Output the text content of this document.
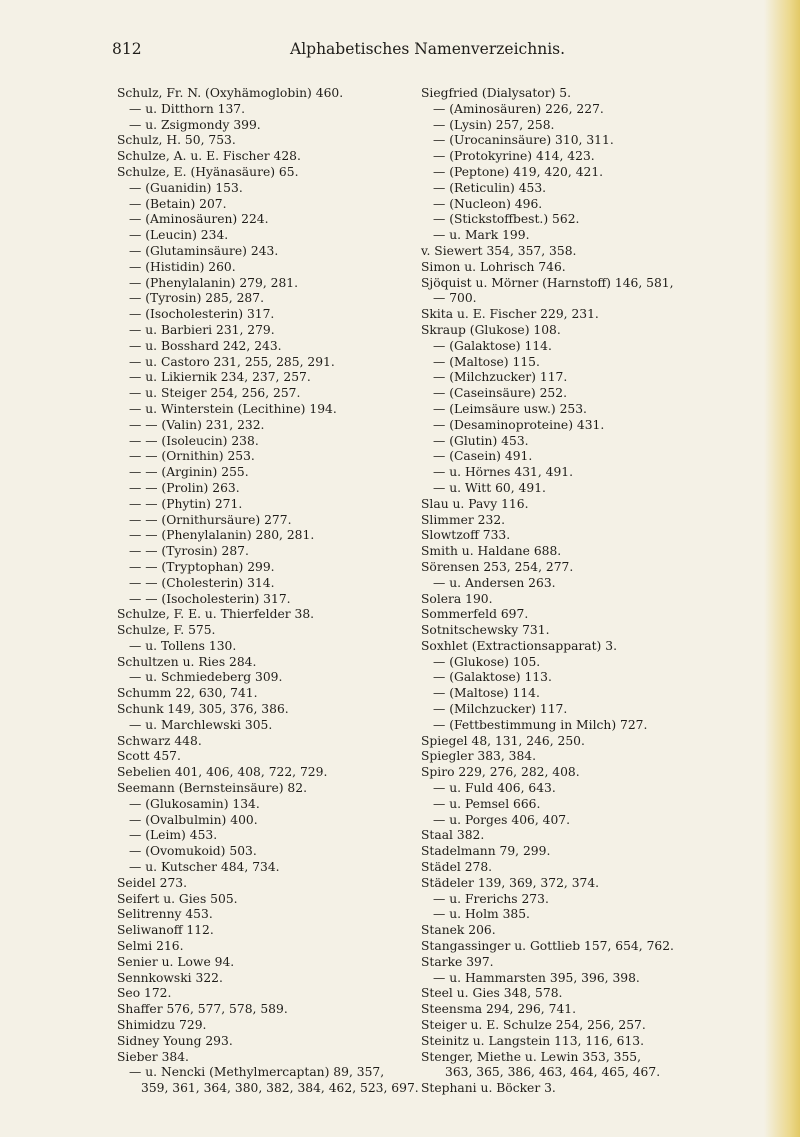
812	Alphabetisches Namenverzeichnis.
Schulz, Fr. N. (Oxyhämoglobin) 460.
— u. Ditthorn 137.
— u. Zsigmondy 399.
Schulz, H. 50, 753.
Schulze, A. u. E. Fischer 428.
Schulze, E. (Hyänasäure) 65.
— (Guanidin) 153.
— (Betain) 207.
— (Aminosäuren) 224.
— (Leucin) 234.
— (Glutaminsäure) 243.
— (Histidin) 260.
— (Phenylalanin) 279, 281.
— (Tyrosin) 285, 287.
— (Isocholesterin) 317.
— u. Barbieri 231, 279.
— u. Bosshard 242, 243.
— u. Castoro 231, 255, 285, 291.
— u. Likiernik 234, 237, 257.
— u. Steiger 254, 256, 257.
— u. Winterstein (Lecithine) 194.
— — (Valin) 231, 232.
— — (Isoleucin) 238.
— — (Ornithin) 253.
— — (Arginin) 255.
— — (Prolin) 263.
— — (Phytin) 271.
— — (Ornithursäure) 277.
— — (Phenylalanin) 280, 281.
— — (Tyrosin) 287.
— — (Tryptophan) 299.
— — (Cholesterin) 314.
— — (Isocholesterin) 317.
Schulze, F. E. u. Thierfelder 38.
Schulze, F. 575.
— u. Tollens 130.
Schultzen u. Ries 284.
— u. Schmiedeberg 309.
Schumm 22, 630, 741.
Schunk 149, 305, 376, 386.
— u. Marchlewski 305.
Schwarz 448.
Scott 457.
Sebelien 401, 406, 408, 722, 729.
Seemann (Bernsteinsäure) 82.
— (Glukosamin) 134.
— (Ovalbulmin) 400.
— (Leim) 453.
— (Ovomukoid) 503.
— u. Kutscher 484, 734.
Seidel 273.
Seifert u. Gies 505.
Selitrenny 453.
Seliwanoff 112.
Selmi 216.
Senier u. Lowe 94.
Sennkowski 322.
Seo 172.
Shaffer 576, 577, 578, 589.
Shimidzu 729.
Sidney Young 293.
Sieber 384.
— u. Nencki (Methylmercaptan) 89, 357,
359, 361, 364, 380, 382, 384, 462, 523, 697.
Siegfried (Dialysator) 5.
— (Aminosäuren) 226, 227.
— (Lysin) 257, 258.
— (Urocaninsäure) 310, 311.
— (Protokyrine) 414, 423.
— (Peptone) 419, 420, 421.
— (Reticulin) 453.
— (Nucleon) 496.
— (Stickstoffbest.) 562.
— u. Mark 199.
v. Siewert 354, 357, 358.
Simon u. Lohrisch 746.
Sjöquist u. Mörner (Harnstoff) 146, 581,
— 700.
Skita u. E. Fischer 229, 231.
Skraup (Glukose) 108.
— (Galaktose) 114.
— (Maltose) 115.
— (Milchzucker) 117.
— (Caseinsäure) 252.
— (Leimsäure usw.) 253.
— (Desaminoproteine) 431.
— (Glutin) 453.
— (Casein) 491.
— u. Hörnes 431, 491.
— u. Witt 60, 491.
Slau u. Pavy 116.
Slimmer 232.
Slowtzoff 733.
Smith u. Haldane 688.
Sörensen 253, 254, 277.
— u. Andersen 263.
Solera 190.
Sommerfeld 697.
Sotnitschewsky 731.
Soxhlet (Extractionsapparat) 3.
— (Glukose) 105.
— (Galaktose) 113.
— (Maltose) 114.
— (Milchzucker) 117.
— (Fettbestimmung in Milch) 727.
Spiegel 48, 131, 246, 250.
Spiegler 383, 384.
Spiro 229, 276, 282, 408.
— u. Fuld 406, 643.
— u. Pemsel 666.
— u. Porges 406, 407.
Staal 382.
Stadelmann 79, 299.
Städel 278.
Städeler 139, 369, 372, 374.
— u. Frerichs 273.
— u. Holm 385.
Stanek 206.
Stangassinger u. Gottlieb 157, 654, 762.
Starke 397.
— u. Hammarsten 395, 396, 398.
Steel u. Gies 348, 578.
Steensma 294, 296, 741.
Steiger u. E. Schulze 254, 256, 257.
Steinitz u. Langstein 113, 116, 613.
Stenger, Miethe u. Lewin 353, 355,
363, 365, 386, 463, 464, 465, 467.
Stephani u. Böcker 3.
